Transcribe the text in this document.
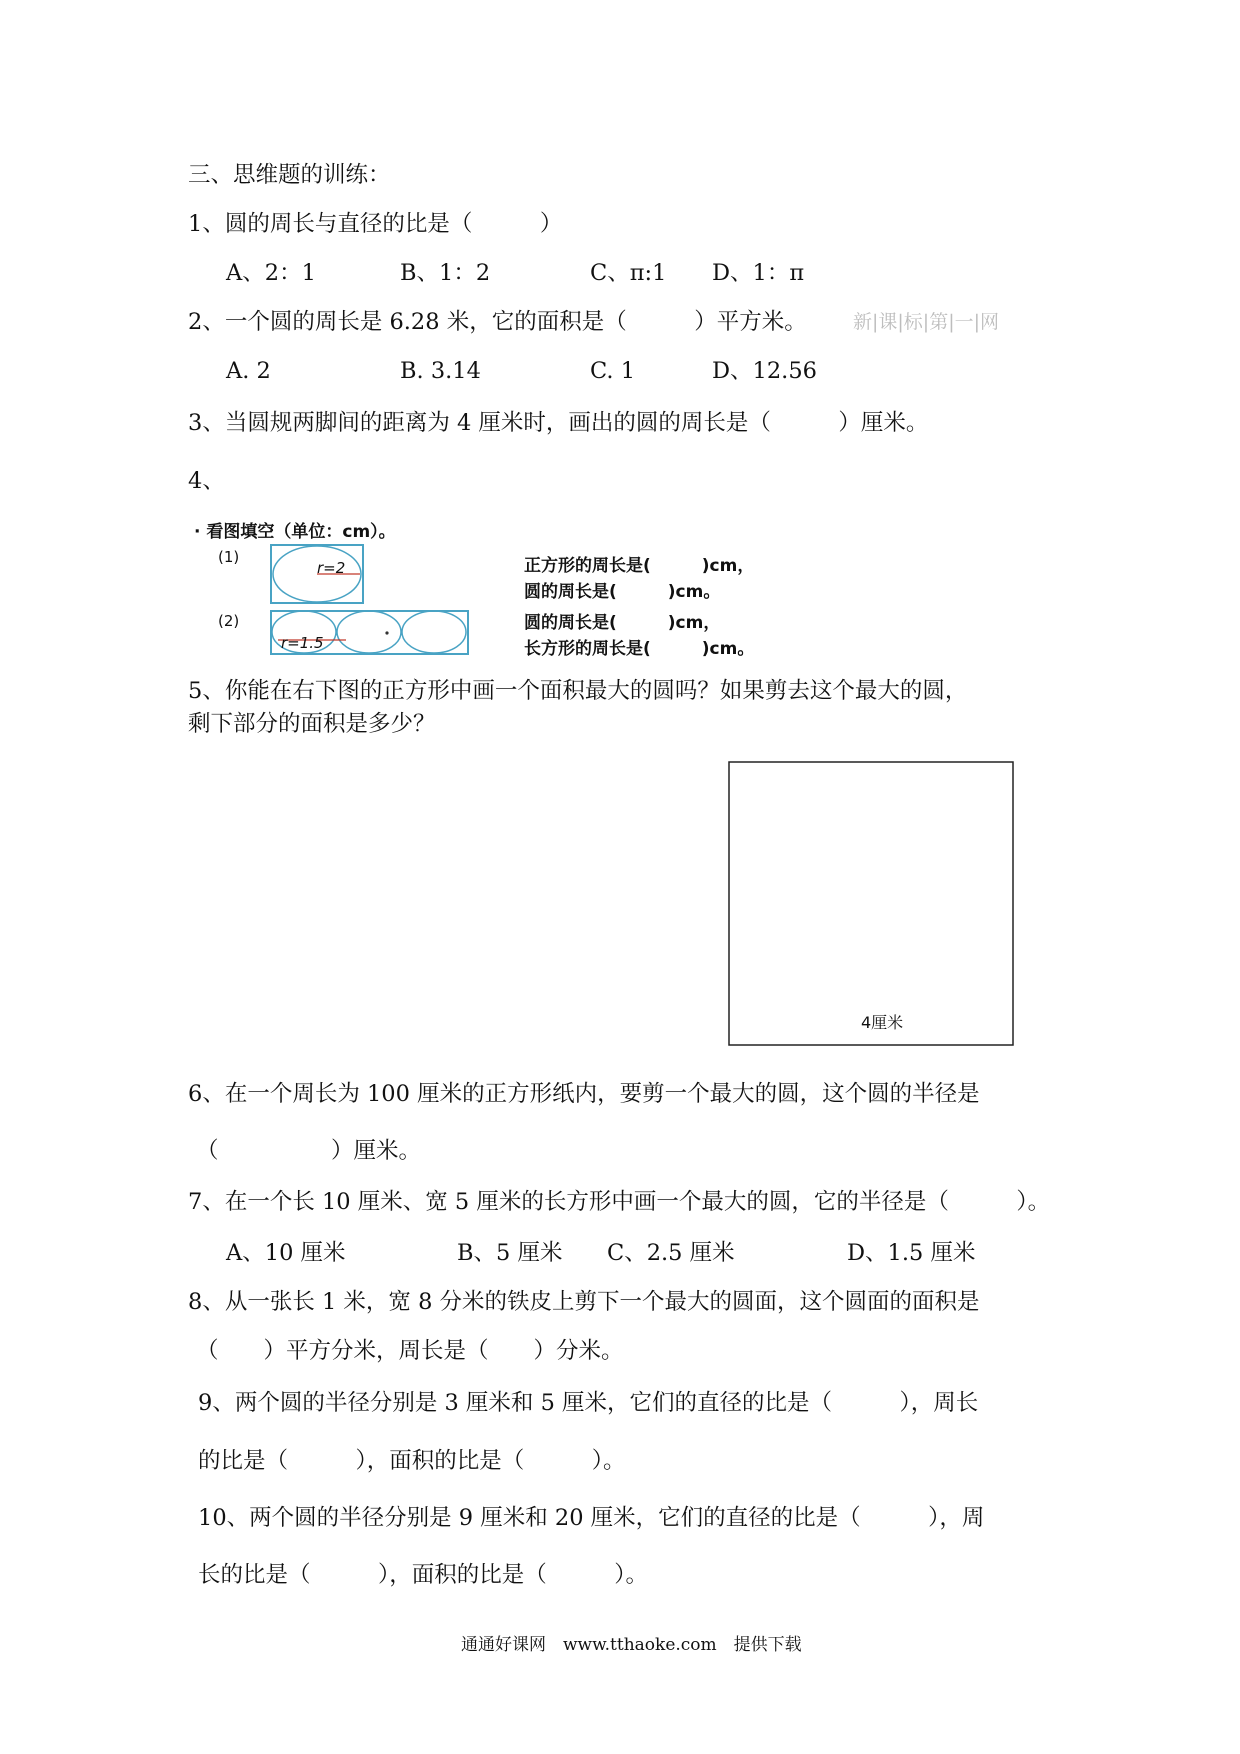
三、思维题的训练：
1、圆的周长与直径的比是（　　　）
A、2：1	B、1：2	C、π:1 D、1：π
2、一个圆的周长是 6.28 米，它的面积是（　　　）平方米。 新|课|标|第|一|网
A. 2	B. 3.14	C. 1	D、12.56
3、当圆规两脚间的距离为 4 厘米时，画出的圆的周长是（　　　）厘米。
4、
· 看图填空（单位：cm）。
(1)
(2)
r=2
r=1.5
正方形的周长是(　　　)cm，
圆的周长是(　　　)cm。
圆的周长是(　　　)cm，
长方形的周长是(　　　)cm。
5、你能在右下图的正方形中画一个面积最大的圆吗？如果剪去这个最大的圆，
剩下部分的面积是多少？
4厘米
6、在一个周长为 100 厘米的正方形纸内，要剪一个最大的圆，这个圆的半径是
（　　　　　）厘米。
7、在一个长 10 厘米、宽 5 厘米的长方形中画一个最大的圆，它的半径是（　　　）。
A、10 厘米	B、5 厘米 C、2.5 厘米	D、1.5 厘米
8、从一张长 1 米，宽 8 分米的铁皮上剪下一个最大的圆面，这个圆面的面积是
（　　）平方分米，周长是（　　）分米。
9、两个圆的半径分别是 3 厘米和 5 厘米，它们的直径的比是（　　　），周长
的比是（　　　），面积的比是（　　　）。
10、两个圆的半径分别是 9 厘米和 20 厘米，它们的直径的比是（　　　），周
长的比是（　　　），面积的比是（　　　）。
通通好课网　www.tthaoke.com　提供下载
